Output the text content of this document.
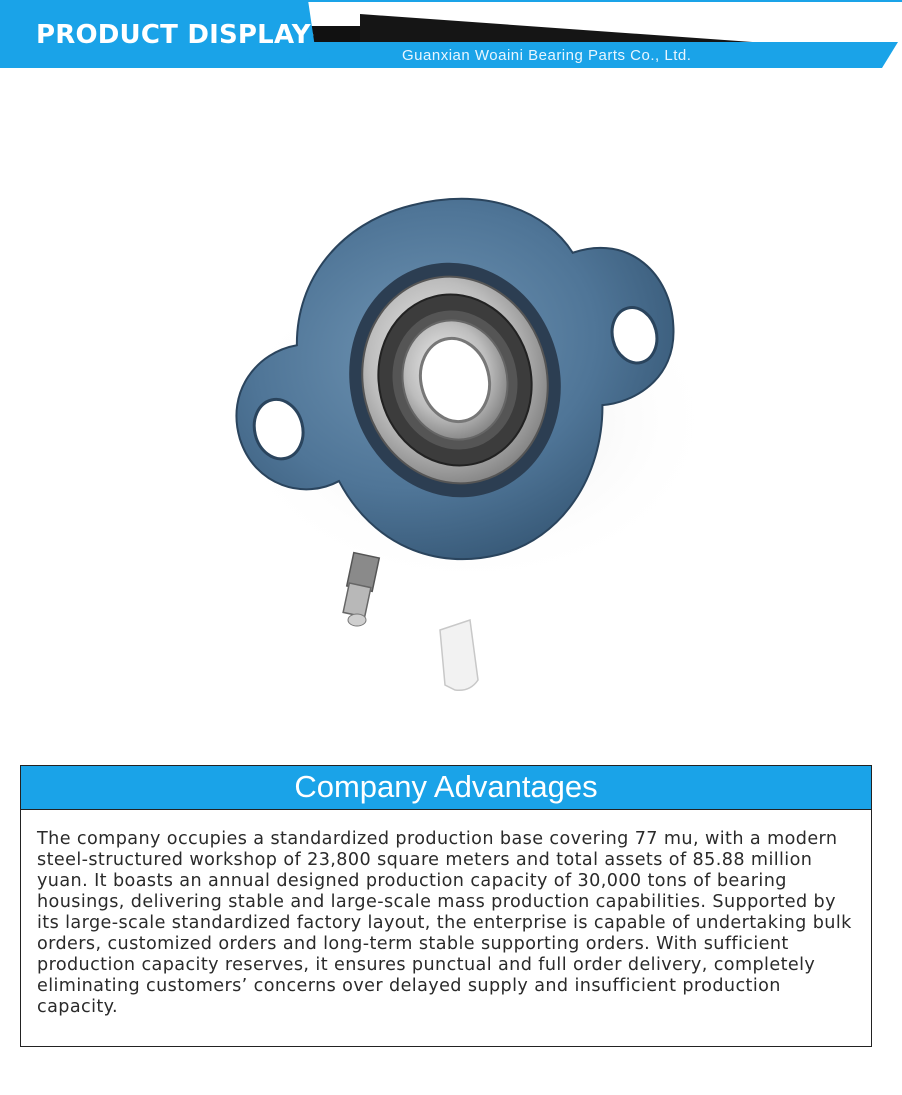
PRODUCT DISPLAY
Guanxian Woaini Bearing Parts Co., Ltd.
Company Advantages

The company occupies a standardized production base covering 77 mu, with a modern steel-structured workshop of 23,800 square meters and total assets of 85.88 million yuan. It boasts an annual designed production capacity of 30,000 tons of bearing housings, delivering stable and large-scale mass production capabilities. Supported by its large-scale standardized factory layout, the enterprise is capable of undertaking bulk orders, customized orders and long-term stable supporting orders. With sufficient production capacity reserves, it ensures punctual and full order delivery, completely eliminating customers’ concerns over delayed supply and insufficient production capacity.
